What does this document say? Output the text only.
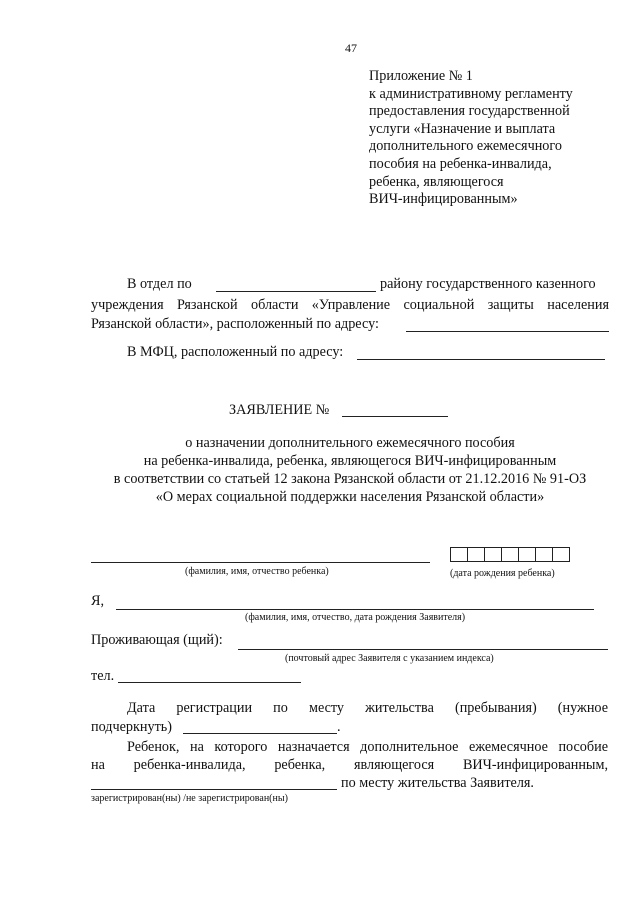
47
Приложение № 1
к административному регламенту
предоставления государственной
услуги «Назначение и выплата
дополнительного ежемесячного
пособия на ребенка-инвалида,
ребенка, являющегося
ВИЧ-инфицированным»
В отдел по	району государственного казенного
учреждения Рязанской области «Управление социальной защиты населения
Рязанской области», расположенный по адресу:
В МФЦ, расположенный по адресу:
ЗАЯВЛЕНИЕ №
о назначении дополнительного ежемесячного пособия
на ребенка-инвалида, ребенка, являющегося ВИЧ-инфицированным
в соответствии со статьей 12 закона Рязанской области от 21.12.2016 № 91-ОЗ
«О мерах социальной поддержки населения Рязанской области»
(фамилия, имя, отчество ребенка)	(дата рождения ребенка)
Я,
(фамилия, имя, отчество, дата рождения Заявителя)
Проживающая (щий):
(почтовый адрес Заявителя с указанием индекса)
тел.
Дата регистрации по месту жительства (пребывания) (нужное
подчеркнуть)	.
Ребенок, на которого назначается дополнительное ежемесячное пособие
на ребенка-инвалида, ребенка, являющегося ВИЧ-инфицированным,
по месту жительства Заявителя.
зарегистрирован(ны) /не зарегистрирован(ны)
